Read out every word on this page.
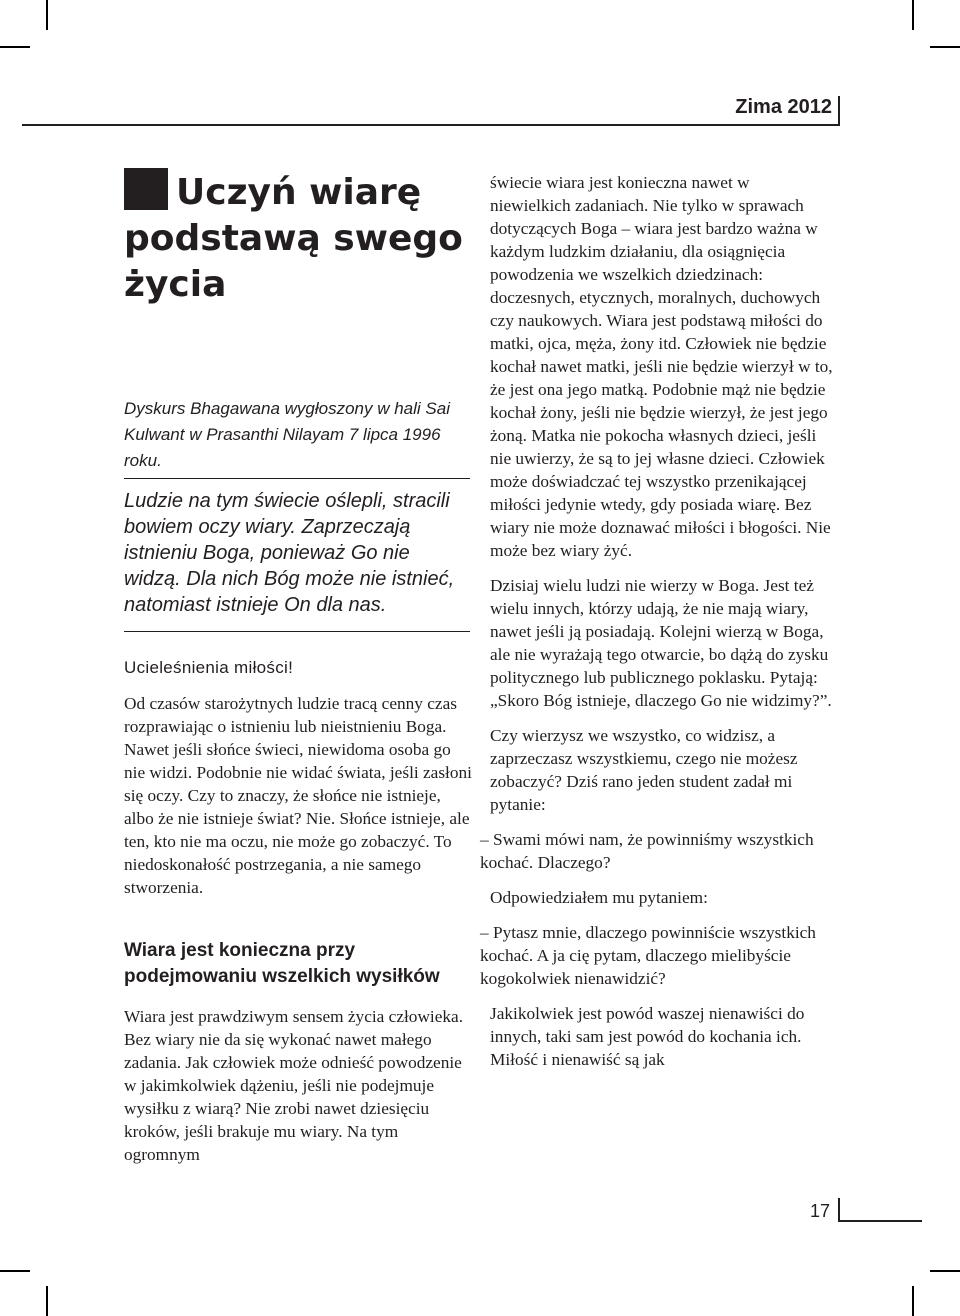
Zima 2012
Uczyń wiarę podstawą swego życia
Dyskurs Bhagawana wygłoszony w hali Sai Kulwant w Prasanthi Nilayam 7 lipca 1996 roku.
Ludzie na tym świecie oślepli, stracili bowiem oczy wiary. Zaprzeczają istnieniu Boga, ponieważ Go nie widzą. Dla nich Bóg może nie istnieć, natomiast istnieje On dla nas.
Ucieleśnienia miłości!
Od czasów starożytnych ludzie tracą cenny czas rozprawiając o istnieniu lub nieistnieniu Boga. Nawet jeśli słońce świeci, niewidoma osoba go nie widzi. Podobnie nie widać świata, jeśli zasłoni się oczy. Czy to znaczy, że słońce nie istnieje, albo że nie istnieje świat? Nie. Słońce istnieje, ale ten, kto nie ma oczu, nie może go zobaczyć. To niedoskonałość postrzegania, a nie samego stworzenia.
Wiara jest konieczna przy podejmowaniu wszelkich wysiłków
Wiara jest prawdziwym sensem życia człowieka. Bez wiary nie da się wykonać nawet małego zadania. Jak człowiek może odnieść powodzenie w jakimkolwiek dążeniu, jeśli nie podejmuje wysiłku z wiarą? Nie zrobi nawet dziesięciu kroków, jeśli brakuje mu wiary. Na tym ogromnym

świecie wiara jest konieczna nawet w niewielkich zadaniach. Nie tylko w sprawach dotyczących Boga – wiara jest bardzo ważna w każdym ludzkim działaniu, dla osiągnięcia powodzenia we wszelkich dziedzinach: doczesnych, etycznych, moralnych, duchowych czy naukowych. Wiara jest podstawą miłości do matki, ojca, męża, żony itd. Człowiek nie będzie kochał nawet matki, jeśli nie będzie wierzył w to, że jest ona jego matką. Podobnie mąż nie będzie kochał żony, jeśli nie będzie wierzył, że jest jego żoną. Matka nie pokocha własnych dzieci, jeśli nie uwierzy, że są to jej własne dzieci. Człowiek może doświadczać tej wszystko przenikającej miłości jedynie wtedy, gdy posiada wiarę. Bez wiary nie może doznawać miłości i błogości. Nie może bez wiary żyć.

Dzisiaj wielu ludzi nie wierzy w Boga. Jest też wielu innych, którzy udają, że nie mają wiary, nawet jeśli ją posiadają. Kolejni wierzą w Boga, ale nie wyrażają tego otwarcie, bo dążą do zysku politycznego lub publicznego poklasku. Pytają: „Skoro Bóg istnieje, dlaczego Go nie widzimy?”.

Czy wierzysz we wszystko, co widzisz, a zaprzeczasz wszystkiemu, czego nie możesz zobaczyć? Dziś rano jeden student zadał mi pytanie:

– Swami mówi nam, że powinniśmy wszystkich kochać. Dlaczego?

Odpowiedziałem mu pytaniem:

– Pytasz mnie, dlaczego powinniście wszystkich kochać. A ja cię pytam, dlaczego mielibyście kogokolwiek nienawidzić?

Jakikolwiek jest powód waszej nienawiści do innych, taki sam jest powód do kochania ich. Miłość i nienawiść są jak

17
